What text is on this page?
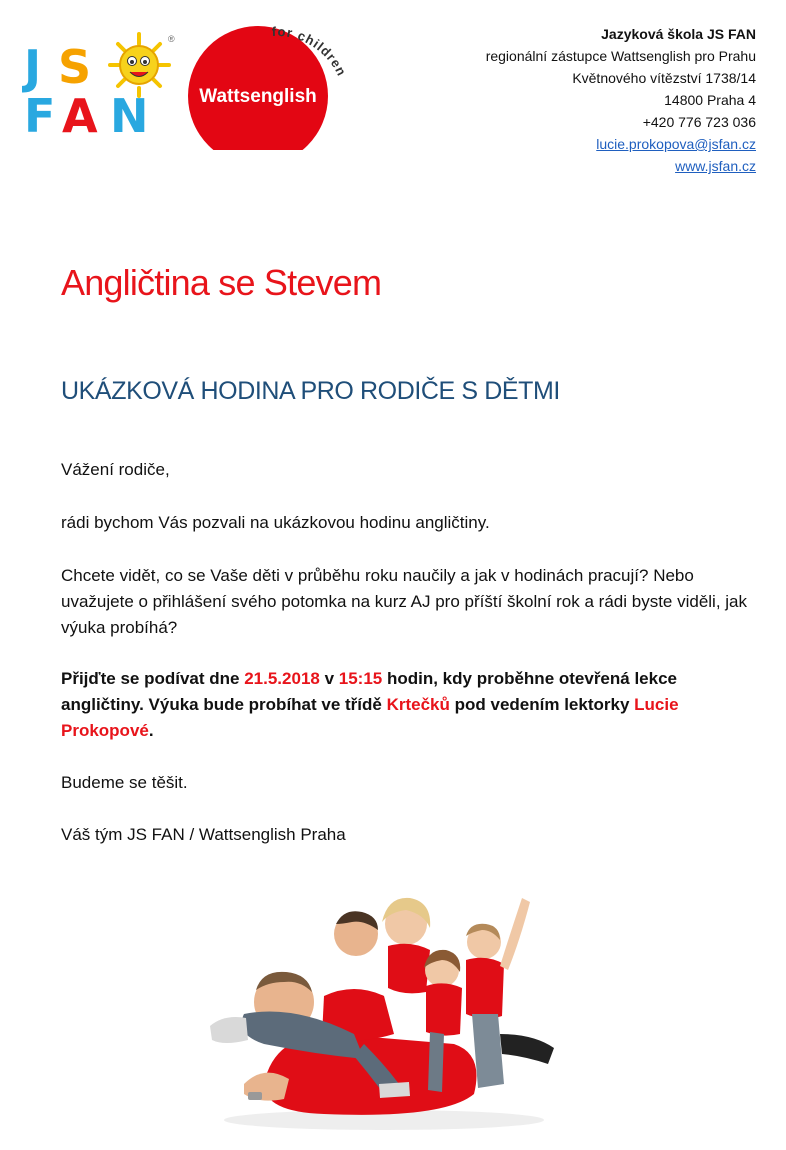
®
J S
F A N	Wattsenglish
for children
Jazyková škola JS FAN
regionální zástupce Wattsenglish pro Prahu
Květnového vítězství 1738/14
14800 Praha 4
+420 776 723 036
lucie.prokopova@jsfan.cz
www.jsfan.cz
Angličtina se Stevem
UKÁZKOVÁ HODINA PRO RODIČE S DĚTMI

Vážení rodiče,

rádi bychom Vás pozvali na ukázkovou hodinu angličtiny.

Chcete vidět, co se Vaše děti v průběhu roku naučily a jak v hodinách pracují? Nebo uvažujete o přihlášení svého potomka na kurz AJ pro příští školní rok a rádi byste viděli, jak výuka probíhá?

Přijďte se podívat dne 21.5.2018 v 15:15 hodin, kdy proběhne otevřená lekce angličtiny. Výuka bude probíhat ve třídě Krtečků pod vedením lektorky Lucie Prokopové.

Budeme se těšit.

Váš tým JS FAN / Wattsenglish Praha
